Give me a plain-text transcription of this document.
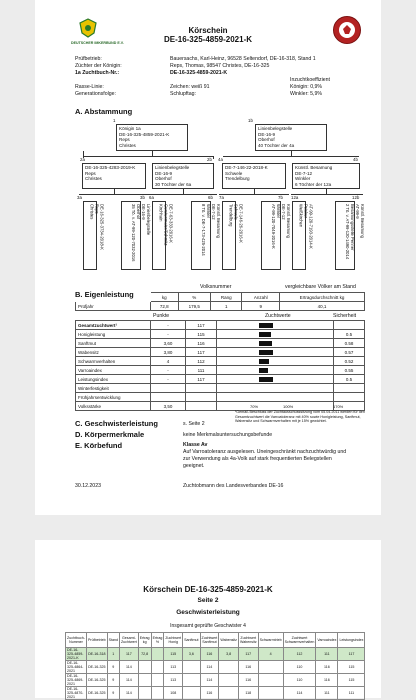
DEUTSCHER IMKERBUND E.V.
Körschein
DE-16-325-4859-2021-K
Prüfbetrieb:	Bauersachs, Karl-Heinz, 96528 Seltendorf, DE-16-318, Stand 1
Züchter der Königin:	Reps, Thomas, 98547 Christes, DE-16-325
1a Zuchtbuch-Nr.:	DE-16-325-4859-2021-K
Inzuchtkoeffizient
Rasse-Linie:	Zeichen: weiß 91	Königin: 0,9%
Generationsfolge:	Schlupftag:	Winkler: 5,9%
A. Abstammung
1
Königin 1a
DE-16-325-4859-2021-K
Reps
Christes
1b
Linienbelegstelle
DE-16-9
Oberhof
40 Töchter der 4a
2a	2b 4a	4b
DE-16-325-4283-2019-K
Reps
Christes
Linienbelegstelle
DE-16-9
Oberhof
30 Töchter der 6a
DE-7-146-22-2018-K
Schwele
Trendelburg
Künstl. Besamung
DE-7-12
Winkler
6 Töchter der 12a
3a	3b 6a	6b 7a	7b 12a	12b
DE-16-325-3734-2018-K
Reps
Christes	Linienbelegstelle
DE-16-9
Oberhof
35 Tö. v. AT-99-120-7032-2016	DE-7-63-333-2016-K
Gerstenmaier/Schmitz
Kirchhain	Künstl. Besamung
DE-7-12
Winkler
8 Tö. v. DE-7-173-425-2014	DE-7-146-26-2016-K
Schwele
Trendelburg	Künstl. Besamung
DE-7-12
Winkler
AT-99-120-7049-2016-K	AT-99-120-7193-2014-K
Peisker
Weißkirchen	Künstl. Besamung
AT-99-9
Besamungsstelle Penner
2 Tö. v. AT-99-120-1490-2014
B. Eigenleistung
Volksnummer	vergleichbare Völker am Stand
	kg	%	Rang	Anzahl	Ertragsdurchschnitt kg
Prüfjahr	72,8	179,5	1	9	40,1
Punkte	Zuchtwerte	Sicherheit
Gesamtzuchtwert¹	-	117	

Honigleistung	-	115		0.5
Sanftmut	3,60	116		0.58
Wabensitz	3,80	117		0.57
Schwarmverhalten	4	112		0.52
Varroaindex	-	111		0.55
Leistungsindex	-	117		0.5
Winterfestigkeit				
Frühjahrsentwicklung				
Volksstärke	3,50				70%	100%	170%
¹Gemäß Beschluss der Zuchtausschusssitzung vom 05.04.2011 werden für den Gesamtzuchtwert die Varroatoleranz mit 40% sowie Honigleistung, Sanftmut, Wabensitz und Schwarmverhalten mit je 15% gewichtet.
C. Geschwisterleistung	s. Seite 2
D. Körpermerkmale	keine Merkmalsuntersuchungsbefunde
E. Körbefund	Klasse Av
Auf Varroatoleranz ausgelesen. Uneingeschränkt nachzuchtwürdig und
zur Verwendung als 4a-Volk auf stark frequentierten Belegstellen
geeignet.
30.12.2023	Zuchtobmann des Landesverbandes DE-16
Körschein DE-16-325-4859-2021-K
Seite 2
Geschwisterleistung
Insgesamt geprüfte Geschwister 4
Zuchtbuch-Nummer	Prüfbetrieb	Stand	Gesamt-Zuchtwert	Ertrag kg	Ertrag %	Zuchtwert Honig	Sanftmut	Zuchtwert Sanftmut	Wabensitz	Zuchtwert Wabensitz	Schwarmtrieb	Zuchtwert Schwarmverhalten	Varroaindex	Leistungsindex
DE-16-325-4859-2021-K	DE-16-318	1	117	72,8		115	3,6	116	3,8	117	4	112	111	117
DE-16-325-4864-2021	DE-16-325	9	114			113		114		116		110	116	115
DE-16-325-4869-2021	DE-16-325	9	114			113		114		116		110	116	115
DE-16-325-4870-2021	DE-16-325	9	114			108		116		118		114	111	111
